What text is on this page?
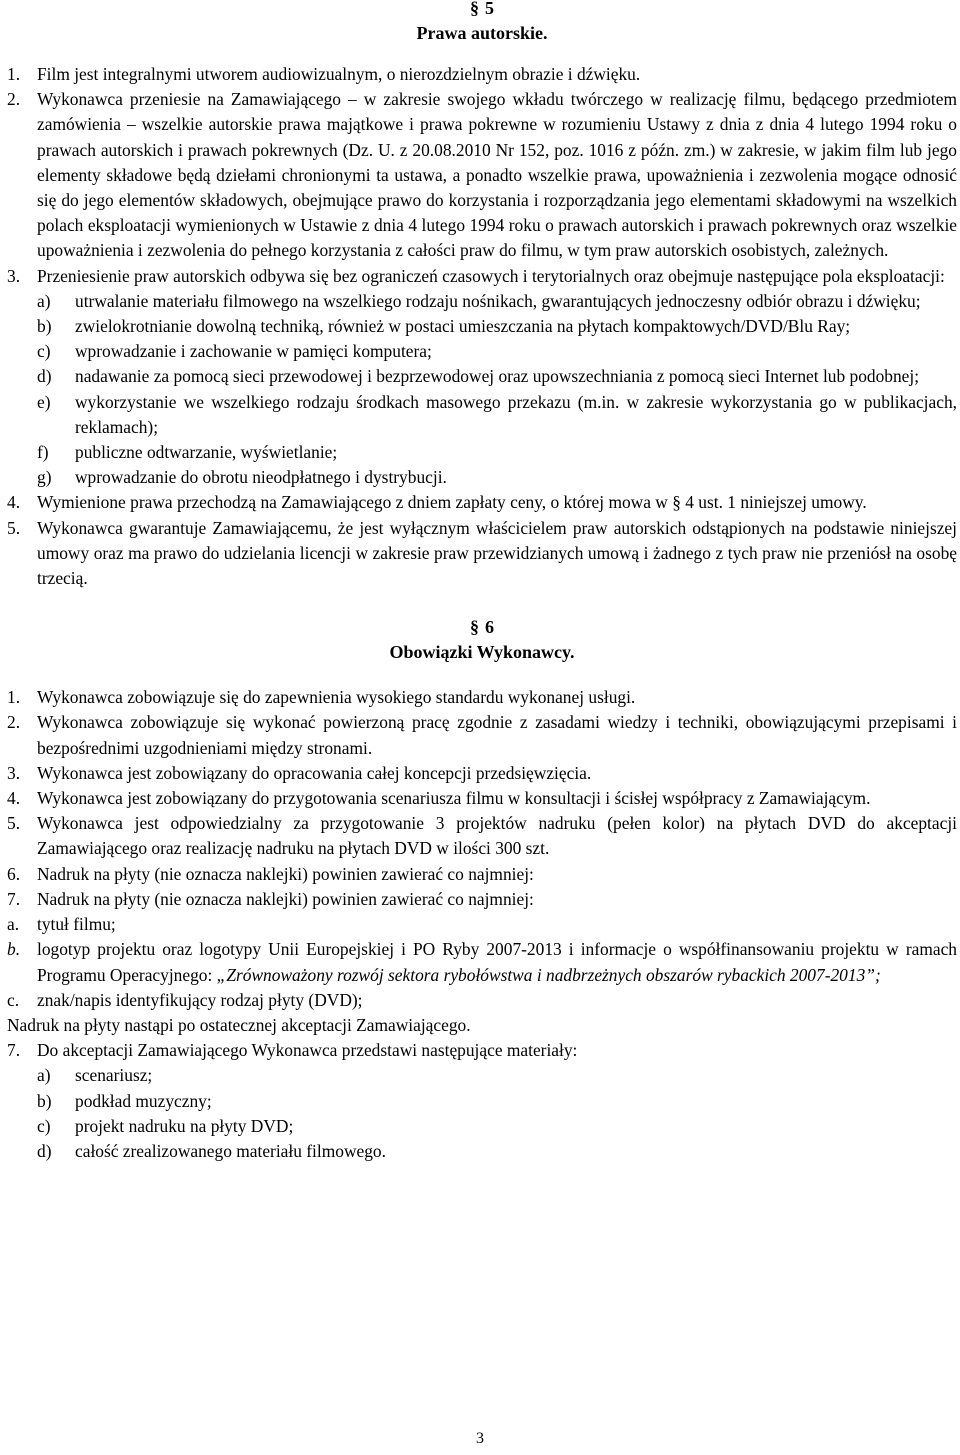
§ 5
Prawa autorskie.
1. Film jest integralnymi utworem audiowizualnym, o nierozdzielnym obrazie i dźwięku.
2. Wykonawca przeniesie na Zamawiającego – w zakresie swojego wkładu twórczego w realizację filmu, będącego przedmiotem zamówienia – wszelkie autorskie prawa majątkowe i prawa pokrewne w rozumieniu Ustawy z dnia z dnia 4 lutego 1994 roku o prawach autorskich i prawach pokrewnych (Dz. U. z 20.08.2010 Nr 152, poz. 1016 z późn. zm.) w zakresie, w jakim film lub jego elementy składowe będą dziełami chronionymi ta ustawa, a ponadto wszelkie prawa, upoważnienia i zezwolenia mogące odnosić się do jego elementów składowych, obejmujące prawo do korzystania i rozporządzania jego elementami składowymi na wszelkich polach eksploatacji wymienionych w Ustawie z dnia 4 lutego 1994 roku o prawach autorskich i prawach pokrewnych oraz wszelkie upoważnienia i zezwolenia do pełnego korzystania z całości praw do filmu, w tym praw autorskich osobistych, zależnych.
3. Przeniesienie praw autorskich odbywa się bez ograniczeń czasowych i terytorialnych oraz obejmuje następujące pola eksploatacji:
a)	utrwalanie materiału filmowego na wszelkiego rodzaju nośnikach, gwarantujących jednoczesny odbiór obrazu i dźwięku;
b)	zwielokrotnianie dowolną techniką, również w postaci umieszczania na płytach kompaktowych/DVD/Blu Ray;
c)	wprowadzanie i zachowanie w pamięci komputera;
d)	nadawanie za pomocą sieci przewodowej i bezprzewodowej oraz upowszechniania z pomocą sieci Internet lub podobnej;
e)	wykorzystanie we wszelkiego rodzaju środkach masowego przekazu (m.in. w zakresie wykorzystania go w publikacjach, reklamach);
f)	publiczne odtwarzanie, wyświetlanie;
g)	wprowadzanie do obrotu nieodpłatnego i dystrybucji.
4. Wymienione prawa przechodzą na Zamawiającego z dniem zapłaty ceny, o której mowa w § 4 ust. 1 niniejszej umowy.
5. Wykonawca gwarantuje Zamawiającemu, że jest wyłącznym właścicielem praw autorskich odstąpionych na podstawie niniejszej umowy oraz ma prawo do udzielania licencji w zakresie praw przewidzianych umową i żadnego z tych praw nie przeniósł na osobę trzecią.
§ 6
Obowiązki Wykonawcy.
1. Wykonawca zobowiązuje się do zapewnienia wysokiego standardu wykonanej usługi.
2. Wykonawca zobowiązuje się wykonać powierzoną pracę zgodnie z zasadami wiedzy i techniki, obowiązującymi przepisami i bezpośrednimi uzgodnieniami między stronami.
3. Wykonawca jest zobowiązany do opracowania całej koncepcji przedsięwzięcia.
4. Wykonawca jest zobowiązany do przygotowania scenariusza filmu w konsultacji i ścisłej współpracy z Zamawiającym.
5. Wykonawca jest odpowiedzialny za przygotowanie 3 projektów nadruku (pełen kolor) na płytach DVD do akceptacji Zamawiającego oraz realizację nadruku na płytach DVD w ilości 300 szt.
6. Nadruk na płyty (nie oznacza naklejki) powinien zawierać co najmniej:
7. Nadruk na płyty (nie oznacza naklejki) powinien zawierać co najmniej:
a.	tytuł filmu;
b. logotyp projektu oraz logotypy Unii Europejskiej i PO Ryby 2007-2013 i informacje o współfinansowaniu projektu w ramach Programu Operacyjnego: „Zrównoważony rozwój sektora rybołówstwa i nadbrzeżnych obszarów rybackich 2007-2013”;
c.	znak/napis identyfikujący rodzaj płyty (DVD);
Nadruk na płyty nastąpi po ostatecznej akceptacji Zamawiającego.
7. Do akceptacji Zamawiającego Wykonawca przedstawi następujące materiały:
a)	scenariusz;
b)	podkład muzyczny;
c)	projekt nadruku na płyty DVD;
d)	całość zrealizowanego materiału filmowego.
3
